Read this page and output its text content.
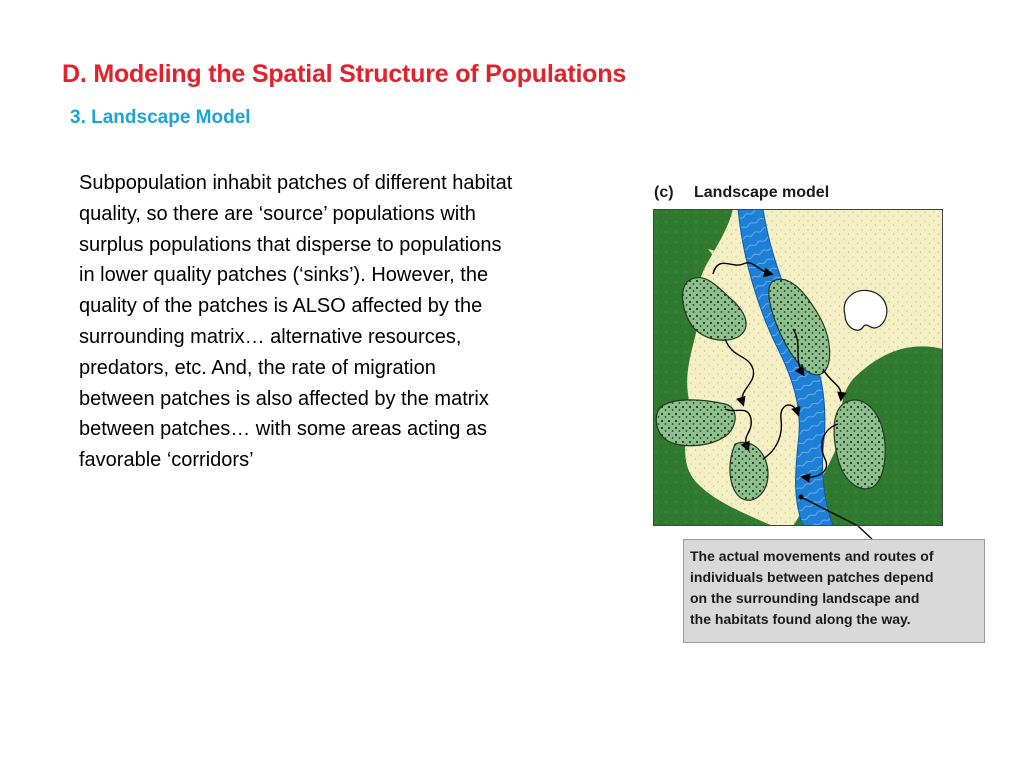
D. Modeling the Spatial Structure of Populations
3. Landscape Model
Subpopulation inhabit patches of different habitat
quality, so there are ‘source’ populations with
surplus populations that disperse to populations
in lower quality patches (‘sinks’). However, the
quality of the patches is ALSO affected by the
surrounding matrix… alternative resources,
predators, etc. And, the rate of migration
between patches is also affected by the matrix
between patches… with some areas acting as
favorable ‘corridors’
(c) Landscape model
The actual movements and routes of
individuals between patches depend
on the surrounding landscape and
the habitats found along the way.
